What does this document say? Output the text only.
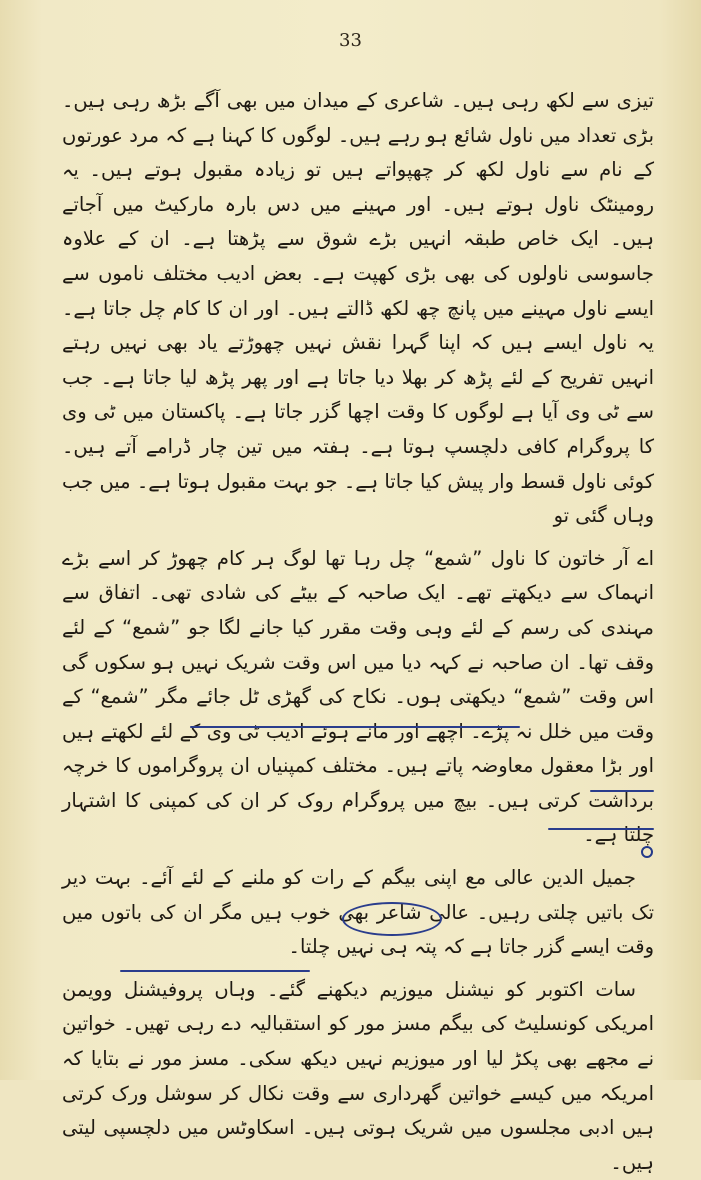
33

تیزی سے لکھ رہی ہیں۔ شاعری کے میدان میں بھی آگے بڑھ رہی ہیں۔ بڑی تعداد میں ناول شائع ہو رہے ہیں۔ لوگوں کا کہنا ہے کہ مرد عورتوں کے نام سے ناول لکھ کر چھپواتے ہیں تو زیادہ مقبول ہوتے ہیں۔ یہ رومینٹک ناول ہوتے ہیں۔ اور مہینے میں دس بارہ مارکیٹ میں آجاتے ہیں۔ ایک خاص طبقہ انہیں بڑے شوق سے پڑھتا ہے۔ ان کے علاوہ جاسوسی ناولوں کی بھی بڑی کھپت ہے۔ بعض ادیب مختلف ناموں سے ایسے ناول مہینے میں پانچ چھ لکھ ڈالتے ہیں۔ اور ان کا کام چل جاتا ہے۔ یہ ناول ایسے ہیں کہ اپنا گہرا نقش نہیں چھوڑتے یاد بھی نہیں رہتے انہیں تفریح کے لئے پڑھ کر بھلا دیا جاتا ہے اور پھر پڑھ لیا جاتا ہے۔ جب سے ٹی وی آیا ہے لوگوں کا وقت اچھا گزر جاتا ہے۔ پاکستان میں ٹی وی کا پروگرام کافی دلچسپ ہوتا ہے۔ ہفتہ میں تین چار ڈرامے آتے ہیں۔ کوئی ناول قسط وار پیش کیا جاتا ہے۔ جو بہت مقبول ہوتا ہے۔ میں جب وہاں گئی تو

اے آر خاتون کا ناول ”شمع“ چل رہا تھا لوگ ہر کام چھوڑ کر اسے بڑے انہماک سے دیکھتے تھے۔ ایک صاحبہ کے بیٹے کی شادی تھی۔ اتفاق سے مہندی کی رسم کے لئے وہی وقت مقرر کیا جانے لگا جو ”شمع“ کے لئے وقف تھا۔ ان صاحبہ نے کہہ دیا میں اس وقت شریک نہیں ہو سکوں گی اس وقت ”شمع“ دیکھتی ہوں۔ نکاح کی گھڑی ٹل جائے مگر ”شمع“ کے وقت میں خلل نہ پڑے۔ اچھے اور مانے ہوئے ادیب ٹی وی کے لئے لکھتے ہیں اور بڑا معقول معاوضہ پاتے ہیں۔ مختلف کمپنیاں ان پروگراموں کا خرچہ برداشت کرتی ہیں۔ بیچ میں پروگرام روک کر ان کی کمپنی کا اشتہار چلتا ہے۔

جمیل الدین عالی مع اپنی بیگم کے رات کو ملنے کے لئے آئے۔ بہت دیر تک باتیں چلتی رہیں۔ عالی شاعر بھی خوب ہیں مگر ان کی باتوں میں وقت ایسے گزر جاتا ہے کہ پتہ ہی نہیں چلتا۔

سات اکتوبر کو نیشنل میوزیم دیکھنے گئے۔ وہاں پروفیشنل وویمن امریکی کونسلیٹ کی بیگم مسز مور کو استقبالیہ دے رہی تھیں۔ خواتین نے مجھے بھی پکڑ لیا اور میوزیم نہیں دیکھ سکی۔ مسز مور نے بتایا کہ امریکہ میں کیسے خواتین گھرداری سے وقت نکال کر سوشل ورک کرتی ہیں ادبی مجلسوں میں شریک ہوتی ہیں۔ اسکاوٹس میں دلچسپی لیتی ہیں۔
